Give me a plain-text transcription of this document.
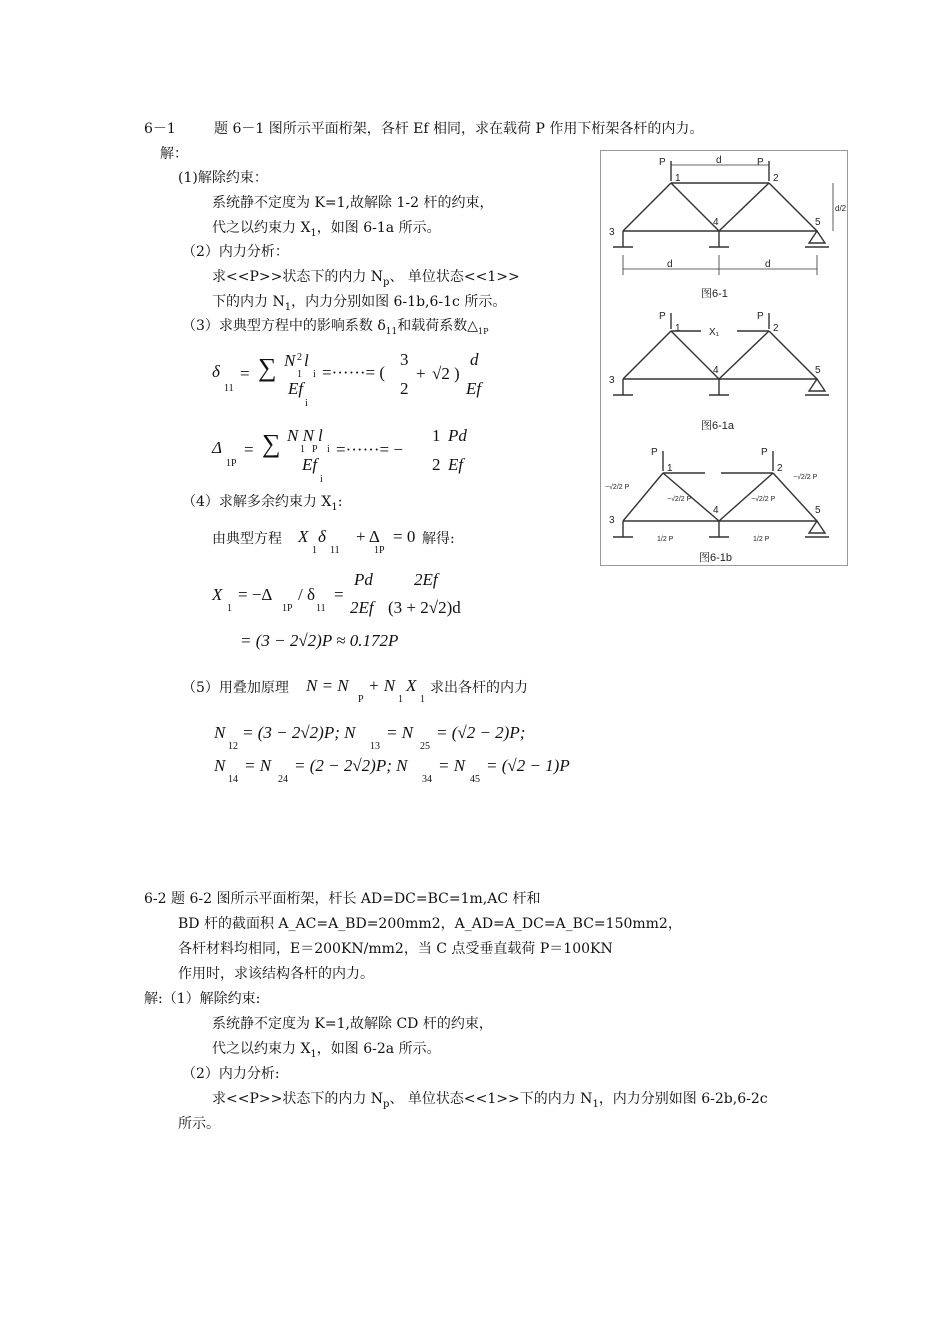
6－1	题 6－1 图所示平面桁架，各杆 Ef 相同，求在载荷 P 作用下桁架各杆的内力。
解：
(1)解除约束：
系统静不定度为 K=1,故解除 1-2 杆的约束，
代之以约束力 $X_1$，如图 6-1a 所示。
（2）内力分析：
求<<P>>状态下的内力 $N_p$、 单位状态<<1>>
下的内力 $N_1$，内力分别如图 6-1b,6-1c 所示。
（3）求典型方程中的影响系数 $\delta_{11}$和载荷系数$\triangle_{1P}$
δ
11
= ∑ N 2 l
1 i
Ef
i
=······= (
3
2
+ √2 )
d
Ef
Δ
1P
= ∑ N N l
1 P i
Ef
i
=······= −
1
2
Pd
Ef
（4）求解多余约束力 $X_1$:
由典型方程 X
1
δ
11
+ Δ
1P
= 0 解得:
X
1
= −Δ
1P
/ δ
11
=
Pd
2Ef
2Ef
(3 + 2√2)d
= (3 − 2√2)P ≈ 0.172P
（5）用叠加原理 N = N
P
+ N
1
X
1
求出各杆的内力
N
12
= (3 − 2√2)P; N
13
= N
25
= (√2 − 2)P;
N
14
= N
24
= (2 − 2√2)P; N
34
= N
45
= (√2 − 1)P
P	P
d
d	d
d/2
1	2
3
4	5
图6-1
P	P
X₁
1	2
3
4	5
图6-1a
P	P
1	2
3
4	5
−√2/2 P
−√2/2 P	−√2/2 P
−√2/2 P
1/2 P	1/2 P
图6-1b
6-2 题 6-2 图所示平面桁架，杆长 AD=DC=BC=1m,AC 杆和
BD 杆的截面积 A_AC=A_BD=200mm2，A_AD=A_DC=A_BC=150mm2，
各杆材料均相同，E＝200KN/mm2，当 C 点受垂直载荷 P＝100KN
作用时，求该结构各杆的内力。
解:（1）解除约束:
系统静不定度为 K=1,故解除 CD 杆的约束，
代之以约束力 $X_1$，如图 6-2a 所示。
（2）内力分析:
求<<P>>状态下的内力 $N_p$、 单位状态<<1>>下的内力 $N_1$，内力分别如图 6-2b,6-2c
所示。
